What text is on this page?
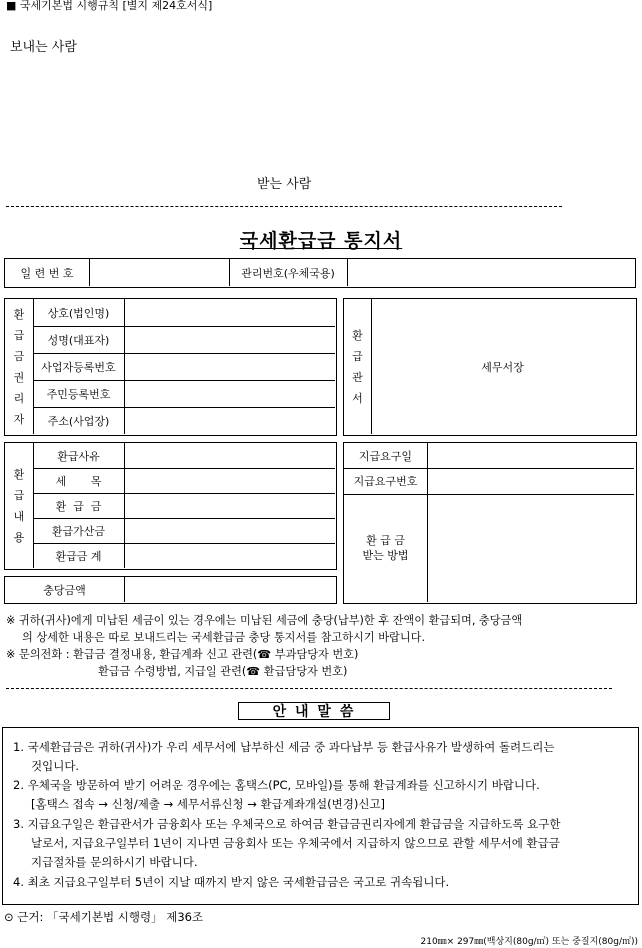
■ 국세기본법 시행규칙 [별지 제24호서식]
보내는 사람
받는 사람
국세환급금 통지서
일 련 번 호	관리번호(우체국용)
환
급
금
권
리
자
상호(법인명)
성명(대표자)
사업자등록번호
주민등록번호
주소(사업장)
환
급
관
서
세무서장
환
급
내
용
환급사유
세       목
환  급  금
환급가산금
환급금 계
충당금액
지급요구일
지급요구번호
환 급 금
받는 방법
※ 귀하(귀사)에게 미납된 세금이 있는 경우에는 미납된 세금에 충당(납부)한 후 잔액이 환급되며, 충당금액
의 상세한 내용은 따로 보내드리는 국세환급금 충당 통지서를 참고하시기 바랍니다.
※ 문의전화 : 환급금 결정내용, 환급계좌 신고 관련(☎ 부과담당자 번호)
환급금 수령방법, 지급일 관련(☎ 환급담당자 번호)
안 내 말 씀
1. 국세환급금은 귀하(귀사)가 우리 세무서에 납부하신 세금 중 과다납부 등 환급사유가 발생하여 돌려드리는
것입니다.
2. 우체국을 방문하여 받기 어려운 경우에는 홈택스(PC, 모바일)를 통해 환급계좌를 신고하시기 바랍니다.
[홈택스 접속 → 신청/제출 → 세무서류신청 → 환급계좌개설(변경)신고]
3. 지급요구일은 환급관서가 금융회사 또는 우체국으로 하여금 환급금권리자에게 환급금을 지급하도록 요구한
날로서, 지급요구일부터 1년이 지나면 금융회사 또는 우체국에서 지급하지 않으므로 관할 세무서에 환급금
지급절차를 문의하시기 바랍니다.
4. 최초 지급요구일부터 5년이 지날 때까지 받지 않은 국세환급금은 국고로 귀속됩니다.
⊙ 근거: 「국세기본법 시행령」 제36조
210㎜× 297㎜(백상지(80g/㎡) 또는 중질지(80g/㎡))
